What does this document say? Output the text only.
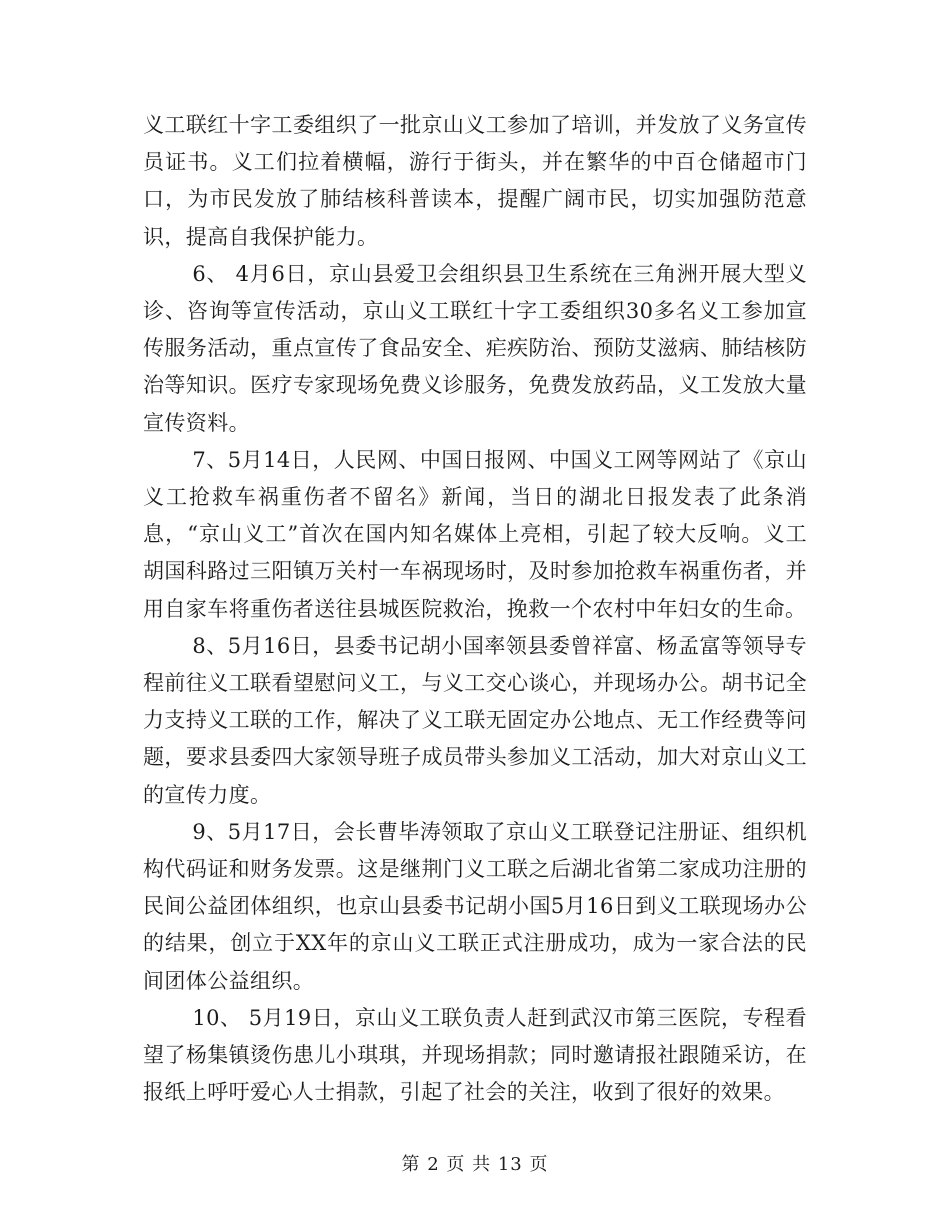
义工联红十字工委组织了一批京山义工参加了培训，并发放了义务宣传员证书。义工们拉着横幅，游行于街头，并在繁华的中百仓储超市门口，为市民发放了肺结核科普读本，提醒广阔市民，切实加强防范意识，提高自我保护能力。

6、 4月6日，京山县爱卫会组织县卫生系统在三角洲开展大型义诊、咨询等宣传活动，京山义工联红十字工委组织30多名义工参加宣传服务活动，重点宣传了食品安全、疟疾防治、预防艾滋病、肺结核防治等知识。医疗专家现场免费义诊服务，免费发放药品，义工发放大量宣传资料。

7、5月14日，人民网、中国日报网、中国义工网等网站了《京山义工抢救车祸重伤者不留名》新闻，当日的湖北日报发表了此条消息，“京山义工”首次在国内知名媒体上亮相，引起了较大反响。义工胡国科路过三阳镇万关村一车祸现场时，及时参加抢救车祸重伤者，并用自家车将重伤者送往县城医院救治，挽救一个农村中年妇女的生命。

8、5月16日，县委书记胡小国率领县委曾祥富、杨孟富等领导专程前往义工联看望慰问义工，与义工交心谈心，并现场办公。胡书记全力支持义工联的工作，解决了义工联无固定办公地点、无工作经费等问题，要求县委四大家领导班子成员带头参加义工活动，加大对京山义工的宣传力度。

9、5月17日，会长曹毕涛领取了京山义工联登记注册证、组织机构代码证和财务发票。这是继荆门义工联之后湖北省第二家成功注册的民间公益团体组织，也京山县委书记胡小国5月16日到义工联现场办公的结果，创立于XX年的京山义工联正式注册成功，成为一家合法的民间团体公益组织。

10、 5月19日，京山义工联负责人赶到武汉市第三医院，专程看望了杨集镇烫伤患儿小琪琪，并现场捐款；同时邀请报社跟随采访，在报纸上呼吁爱心人士捐款，引起了社会的关注，收到了很好的效果。

第 2 页 共 13 页
